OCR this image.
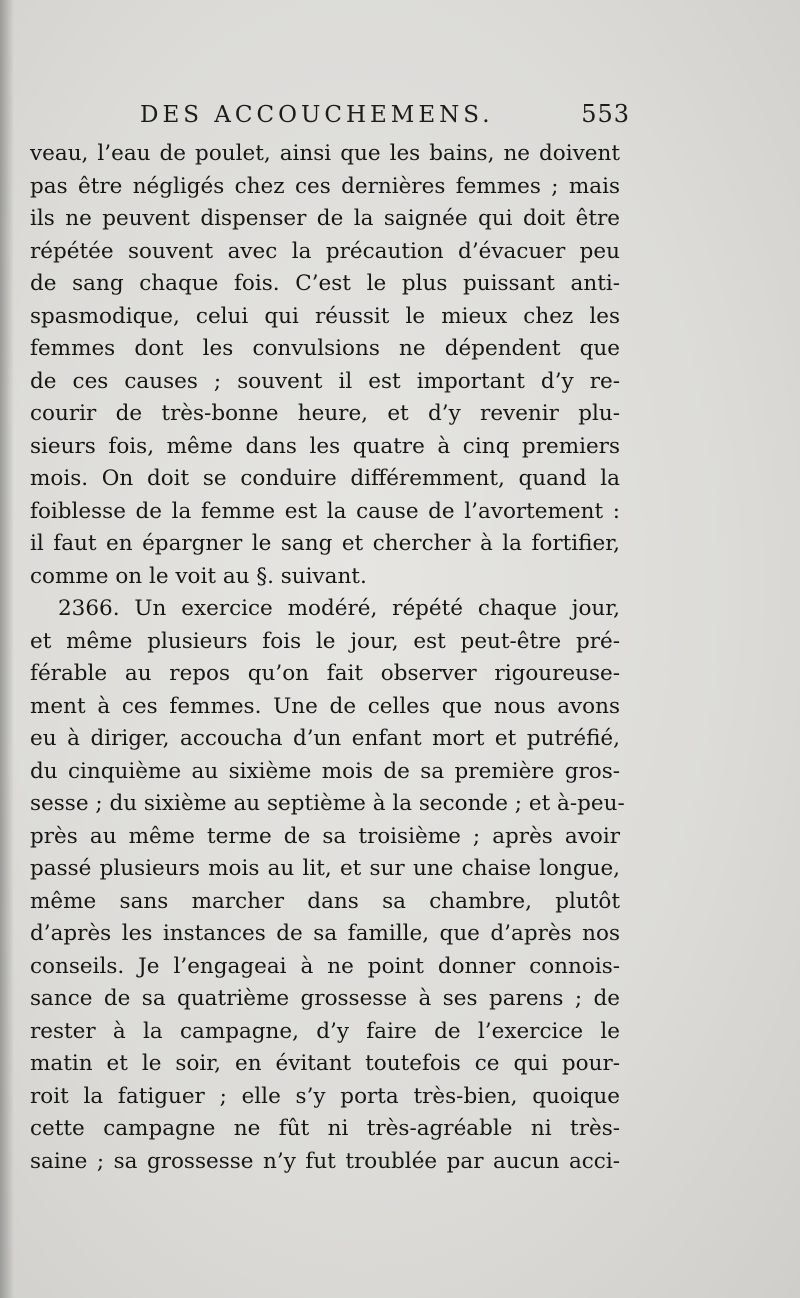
DES ACCOUCHEMENS.	553
veau, l’eau de poulet, ainsi que les bains, ne doivent
pas être négligés chez ces dernières femmes ; mais
ils ne peuvent dispenser de la saignée qui doit être
répétée souvent avec la précaution d’évacuer peu
de sang chaque fois. C’est le plus puissant anti-
spasmodique, celui qui réussit le mieux chez les
femmes dont les convulsions ne dépendent que
de ces causes ; souvent il est important d’y re-
courir de très-bonne heure, et d’y revenir plu-
sieurs fois, même dans les quatre à cinq premiers
mois. On doit se conduire différemment, quand la
foiblesse de la femme est la cause de l’avortement :
il faut en épargner le sang et chercher à la fortifier,
comme on le voit au §. suivant.
2366. Un exercice modéré, répété chaque jour,
et même plusieurs fois le jour, est peut-être pré-
férable au repos qu’on fait observer rigoureuse-
ment à ces femmes. Une de celles que nous avons
eu à diriger, accoucha d’un enfant mort et putréfié,
du cinquième au sixième mois de sa première gros-
sesse ; du sixième au septième à la seconde ; et à-peu-
près au même terme de sa troisième ; après avoir
passé plusieurs mois au lit, et sur une chaise longue,
même sans marcher dans sa chambre, plutôt
d’après les instances de sa famille, que d’après nos
conseils. Je l’engageai à ne point donner connois-
sance de sa quatrième grossesse à ses parens ; de
rester à la campagne, d’y faire de l’exercice le
matin et le soir, en évitant toutefois ce qui pour-
roit la fatiguer ; elle s’y porta très-bien, quoique
cette campagne ne fût ni très-agréable ni très-
saine ; sa grossesse n’y fut troublée par aucun acci-
